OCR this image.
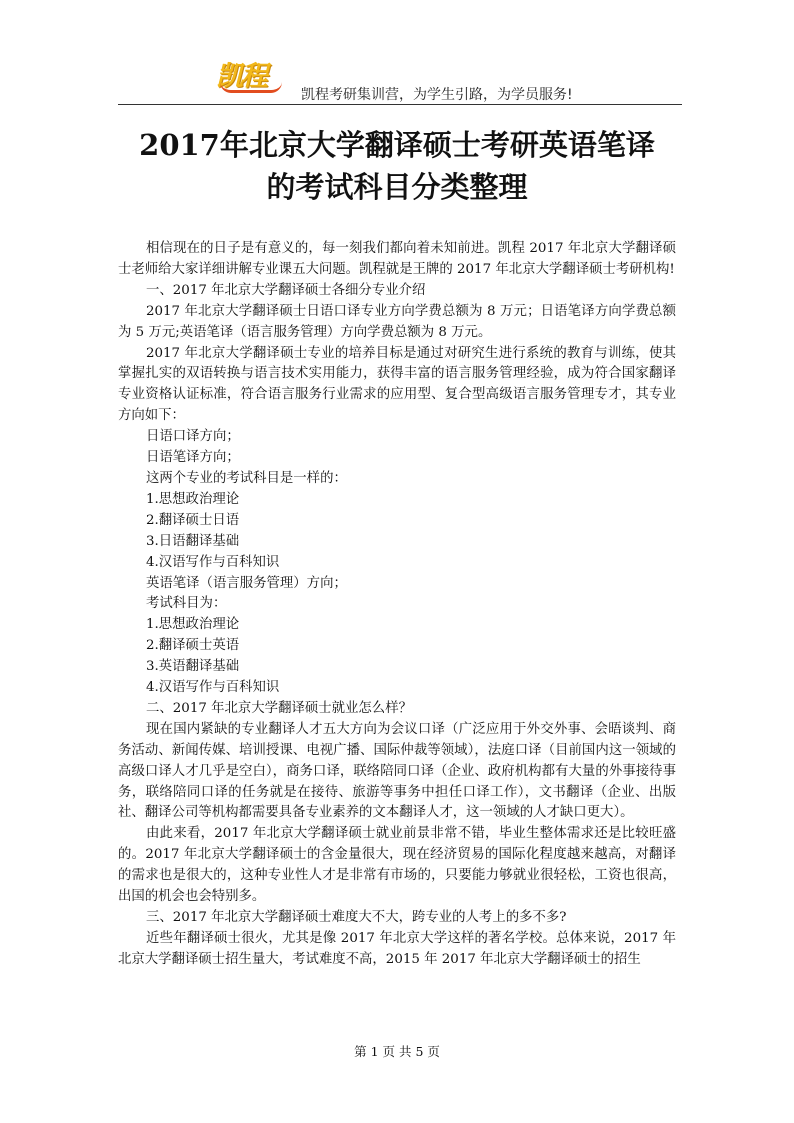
凯程
凯程考研集训营，为学生引路，为学员服务!
2017年北京大学翻译硕士考研英语笔译
的考试科目分类整理

相信现在的日子是有意义的，每一刻我们都向着未知前进。凯程 2017 年北京大学翻译硕士老师给大家详细讲解专业课五大问题。凯程就是王牌的 2017 年北京大学翻译硕士考研机构!

一、2017 年北京大学翻译硕士各细分专业介绍

2017 年北京大学翻译硕士日语口译专业方向学费总额为 8 万元；日语笔译方向学费总额为 5 万元;英语笔译（语言服务管理）方向学费总额为 8 万元。

2017 年北京大学翻译硕士专业的培养目标是通过对研究生进行系统的教育与训练，使其掌握扎实的双语转换与语言技术实用能力，获得丰富的语言服务管理经验，成为符合国家翻译专业资格认证标准，符合语言服务行业需求的应用型、复合型高级语言服务管理专才，其专业方向如下：

日语口译方向；

日语笔译方向；

这两个专业的考试科目是一样的：

1.思想政治理论

2.翻译硕士日语

3.日语翻译基础

4.汉语写作与百科知识

英语笔译（语言服务管理）方向；

考试科目为：

1.思想政治理论

2.翻译硕士英语

3.英语翻译基础

4.汉语写作与百科知识

二、2017 年北京大学翻译硕士就业怎么样？

现在国内紧缺的专业翻译人才五大方向为会议口译（广泛应用于外交外事、会晤谈判、商务活动、新闻传媒、培训授课、电视广播、国际仲裁等领域），法庭口译（目前国内这一领域的高级口译人才几乎是空白），商务口译，联络陪同口译（企业、政府机构都有大量的外事接待事务，联络陪同口译的任务就是在接待、旅游等事务中担任口译工作），文书翻译（企业、出版社、翻译公司等机构都需要具备专业素养的文本翻译人才，这一领域的人才缺口更大）。

由此来看，2017 年北京大学翻译硕士就业前景非常不错，毕业生整体需求还是比较旺盛的。2017 年北京大学翻译硕士的含金量很大，现在经济贸易的国际化程度越来越高，对翻译的需求也是很大的，这种专业性人才是非常有市场的，只要能力够就业很轻松，工资也很高，出国的机会也会特别多。

三、2017 年北京大学翻译硕士难度大不大，跨专业的人考上的多不多?

近些年翻译硕士很火，尤其是像 2017 年北京大学这样的著名学校。总体来说，2017 年北京大学翻译硕士招生量大，考试难度不高，2015 年 2017 年北京大学翻译硕士的招生

第 1 页 共 5 页
